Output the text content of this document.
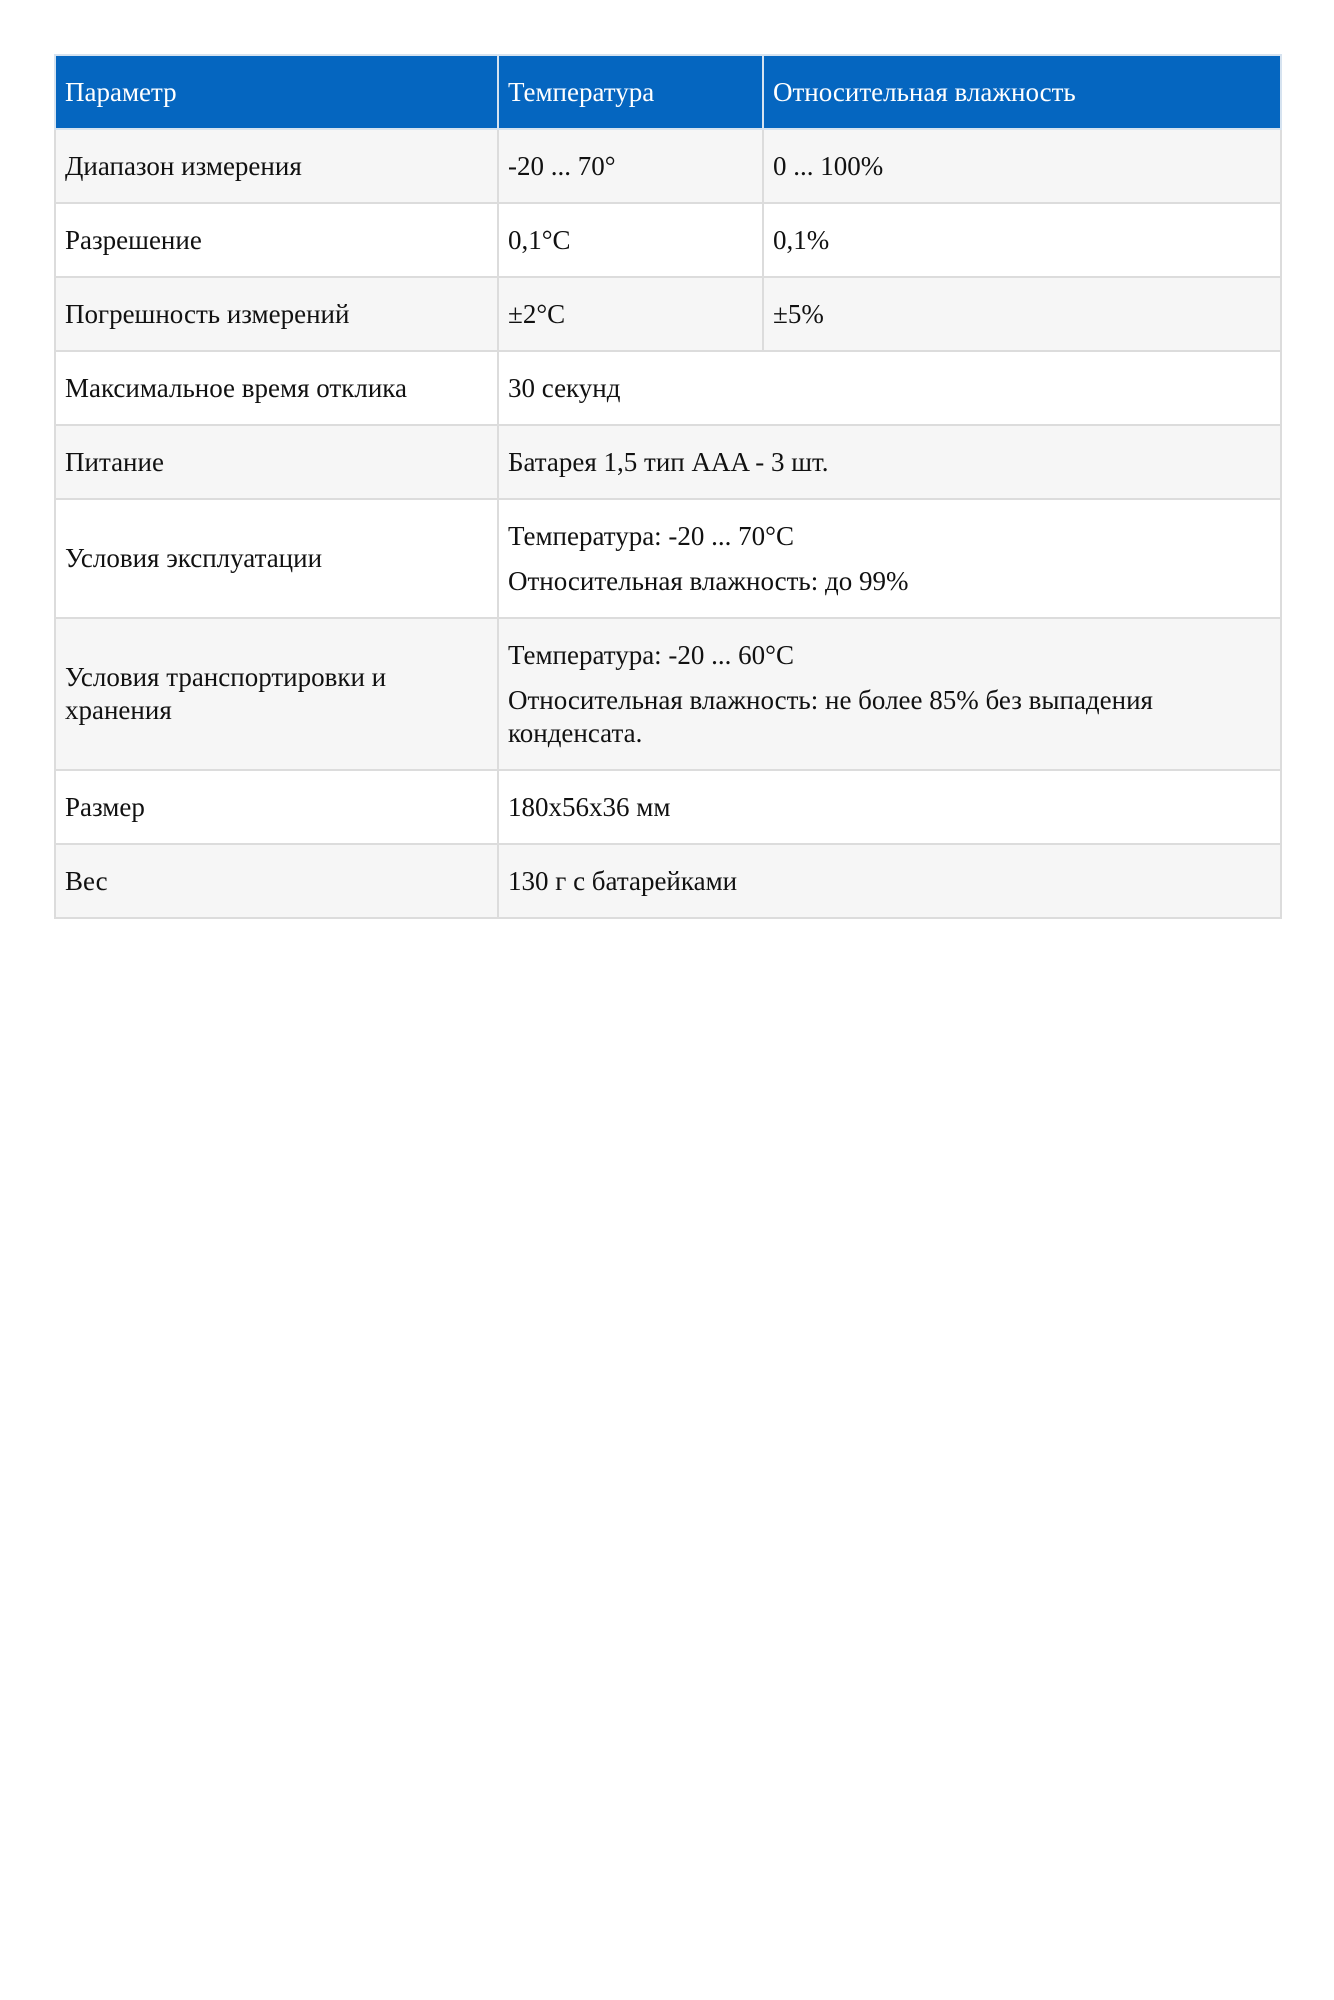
Параметр	Температура	Относительная влажность
Диапазон измерения	-20 ... 70°	0 ... 100%
Разрешение	0,1°C	0,1%
Погрешность измерений	±2°C	±5%
Максимальное время отклика	30 секунд	
Питание	Батарея 1,5 тип AAA - 3 шт.	
Условия эксплуатации	Температура: -20 ... 70°C
Относительная влажность: до 99%	

Условия транспортировки и хранения	Температура: -20 ... 60°C
Относительная влажность: не более 85% без выпадения конденсата.	

Размер	180x56x36 мм	
Вес	130 г с батарейками	
